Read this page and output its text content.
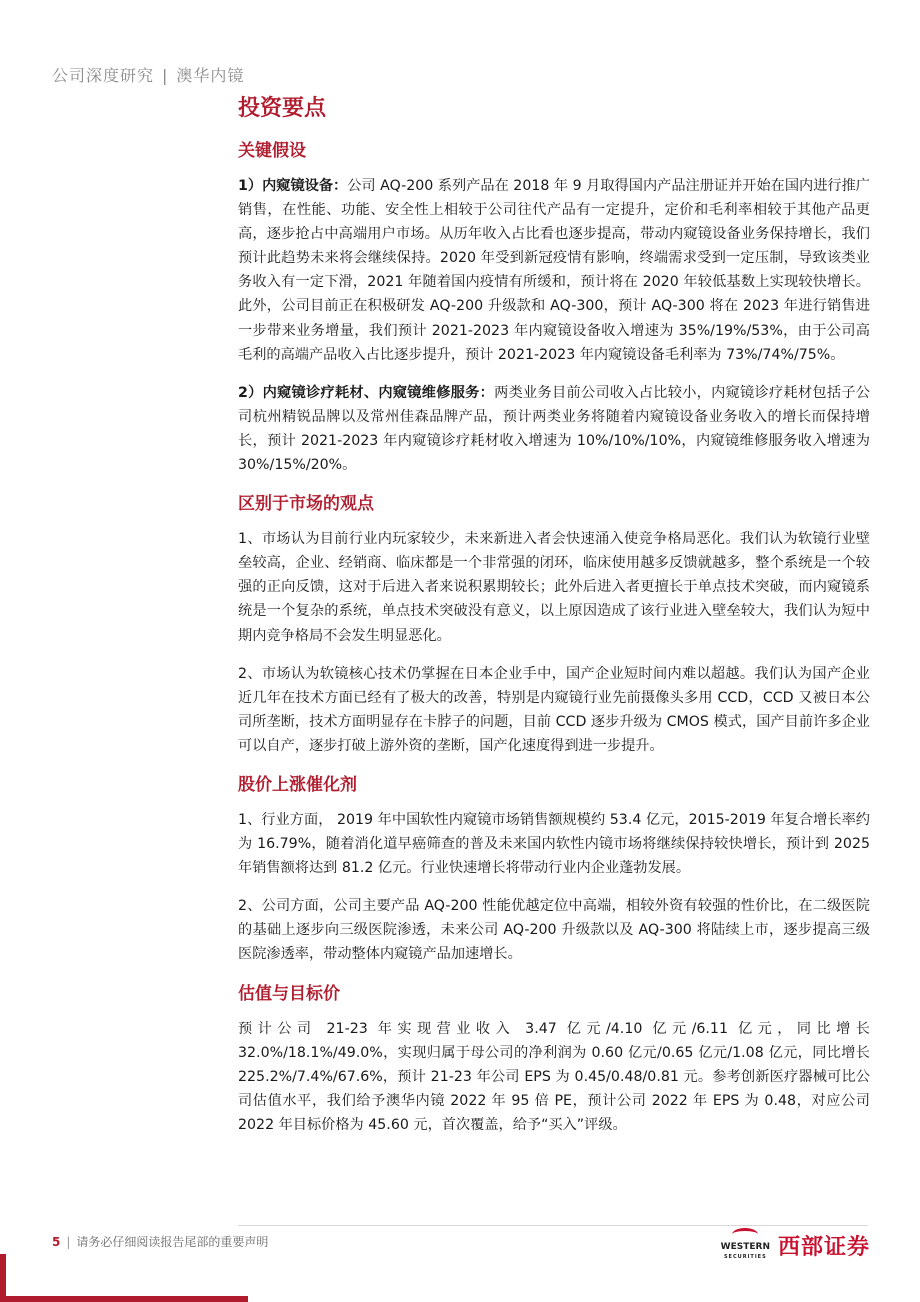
公司深度研究 | 澳华内镜
投资要点
关键假设

1）内窥镜设备：公司 AQ-200 系列产品在 2018 年 9 月取得国内产品注册证并开始在国内进行推广销售，在性能、功能、安全性上相较于公司往代产品有一定提升，定价和毛利率相较于其他产品更高，逐步抢占中高端用户市场。从历年收入占比看也逐步提高，带动内窥镜设备业务保持增长，我们预计此趋势未来将会继续保持。2020 年受到新冠疫情有影响，终端需求受到一定压制，导致该类业务收入有一定下滑，2021 年随着国内疫情有所缓和，预计将在 2020 年较低基数上实现较快增长。此外，公司目前正在积极研发 AQ-200 升级款和 AQ-300，预计 AQ-300 将在 2023 年进行销售进一步带来业务增量，我们预计 2021-2023 年内窥镜设备收入增速为 35%/19%/53%，由于公司高毛利的高端产品收入占比逐步提升，预计 2021-2023 年内窥镜设备毛利率为 73%/74%/75%。

2）内窥镜诊疗耗材、内窥镜维修服务：两类业务目前公司收入占比较小，内窥镜诊疗耗材包括子公司杭州精锐品牌以及常州佳森品牌产品，预计两类业务将随着内窥镜设备业务收入的增长而保持增长，预计 2021-2023 年内窥镜诊疗耗材收入增速为 10%/10%/10%，内窥镜维修服务收入增速为 30%/15%/20%。

区别于市场的观点

1、市场认为目前行业内玩家较少，未来新进入者会快速涌入使竞争格局恶化。我们认为软镜行业壁垒较高，企业、经销商、临床都是一个非常强的闭环，临床使用越多反馈就越多，整个系统是一个较强的正向反馈，这对于后进入者来说积累期较长；此外后进入者更擅长于单点技术突破，而内窥镜系统是一个复杂的系统，单点技术突破没有意义，以上原因造成了该行业进入壁垒较大，我们认为短中期内竞争格局不会发生明显恶化。

2、市场认为软镜核心技术仍掌握在日本企业手中，国产企业短时间内难以超越。我们认为国产企业近几年在技术方面已经有了极大的改善，特别是内窥镜行业先前摄像头多用 CCD，CCD 又被日本公司所垄断，技术方面明显存在卡脖子的问题，目前 CCD 逐步升级为 CMOS 模式，国产目前许多企业可以自产，逐步打破上游外资的垄断，国产化速度得到进一步提升。

股价上涨催化剂

1、行业方面， 2019 年中国软性内窥镜市场销售额规模约 53.4 亿元，2015-2019 年复合增长率约为 16.79%，随着消化道早癌筛查的普及未来国内软性内镜市场将继续保持较快增长，预计到 2025 年销售额将达到 81.2 亿元。行业快速增长将带动行业内企业蓬勃发展。

2、公司方面，公司主要产品 AQ-200 性能优越定位中高端，相较外资有较强的性价比，在二级医院的基础上逐步向三级医院渗透，未来公司 AQ-200 升级款以及 AQ-300 将陆续上市，逐步提高三级医院渗透率，带动整体内窥镜产品加速增长。

估值与目标价

预计公司 21-23 年实现营业收入 3.47 亿元/4.10 亿元/6.11 亿元，同比增长 32.0%/18.1%/49.0%，实现归属于母公司的净利润为 0.60 亿元/0.65 亿元/1.08 亿元，同比增长 225.2%/7.4%/67.6%，预计 21-23 年公司 EPS 为 0.45/0.48/0.81 元。参考创新医疗器械可比公司估值水平，我们给予澳华内镜 2022 年 95 倍 PE，预计公司 2022 年 EPS 为 0.48，对应公司 2022 年目标价格为 45.60 元，首次覆盖，给予“买入”评级。

5 | 请务必仔细阅读报告尾部的重要声明	WESTERN
SECURITIES 西部证券
